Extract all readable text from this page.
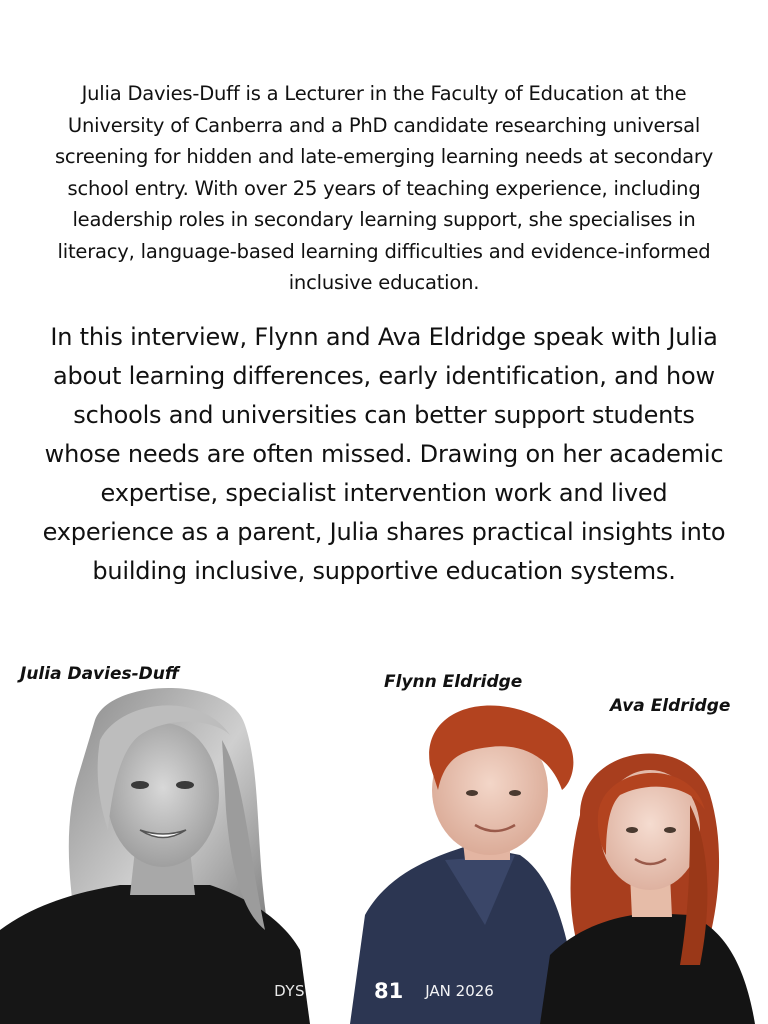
Julia Davies-Duff is a Lecturer in the Faculty of Education at the University of Canberra and a PhD candidate researching universal screening for hidden and late-emerging learning needs at secondary school entry. With over 25 years of teaching experience, including leadership roles in secondary learning support, she specialises in literacy, language-based learning difficulties and evidence-informed inclusive education.

In this interview, Flynn and Ava Eldridge speak with Julia about learning differences, early identification, and how schools and universities can better support students whose needs are often missed. Drawing on her academic expertise, specialist intervention work and lived experience as a parent, Julia shares practical insights into building inclusive, supportive education systems.

Julia Davies-Duff	Flynn Eldridge
Ava Eldridge
DYSTINCT 81 JAN 2026
